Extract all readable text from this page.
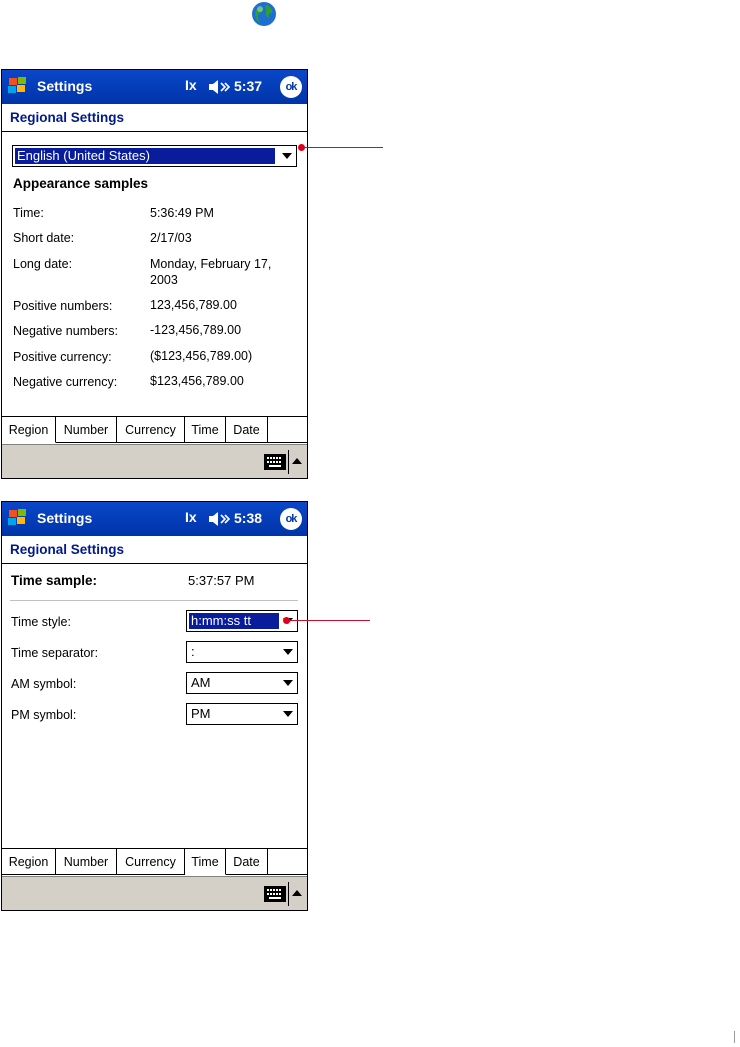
Settings	Ix	5:37	ok
Regional Settings
English (United States)
Appearance samples
Time:	5:36:49 PM
Short date:	2/17/03
Long date:	Monday, February 17, 2003
Positive numbers:	123,456,789.00
Negative numbers:	-123,456,789.00
Positive currency:	($123,456,789.00)
Negative currency:	$123,456,789.00
Region	Number	Currency	Time	Date
Settings	Ix	5:38	ok
Regional Settings
Time sample:	5:37:57 PM
Time style:	h:mm:ss tt
Time separator:	:
AM symbol:	AM
PM symbol:	PM
Region	Number	Currency	Time	Date
